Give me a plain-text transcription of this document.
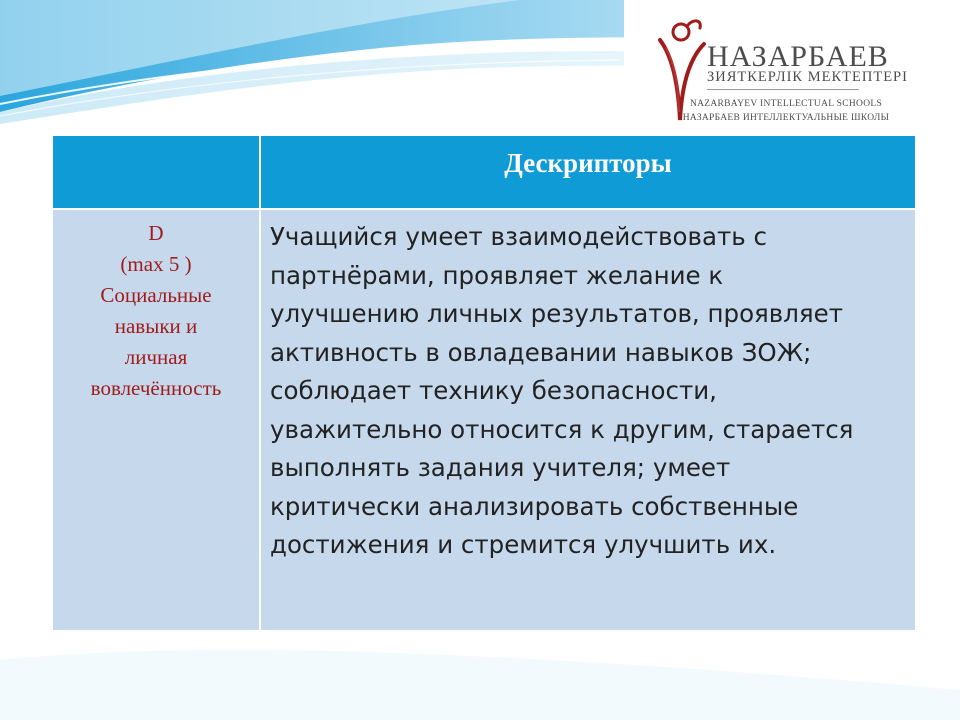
НАЗАРБАЕВ
ЗИЯТКЕРЛІК МЕКТЕПТЕРІ
NAZARBAYEV INTELLECTUAL SCHOOLS
НАЗАРБАЕВ ИНТЕЛЛЕКТУАЛЬНЫЕ ШКОЛЫ
Дескрипторы
D
(max 5 )
Социальные
навыки и
личная
вовлечённость
Учащийся умеет взаимодействовать с
партнёрами, проявляет желание к
улучшению личных результатов, проявляет
активность в овладевании навыков ЗОЖ;
соблюдает технику безопасности,
уважительно относится к другим, старается
выполнять задания учителя; умеет
критически анализировать собственные
достижения и стремится улучшить их.
